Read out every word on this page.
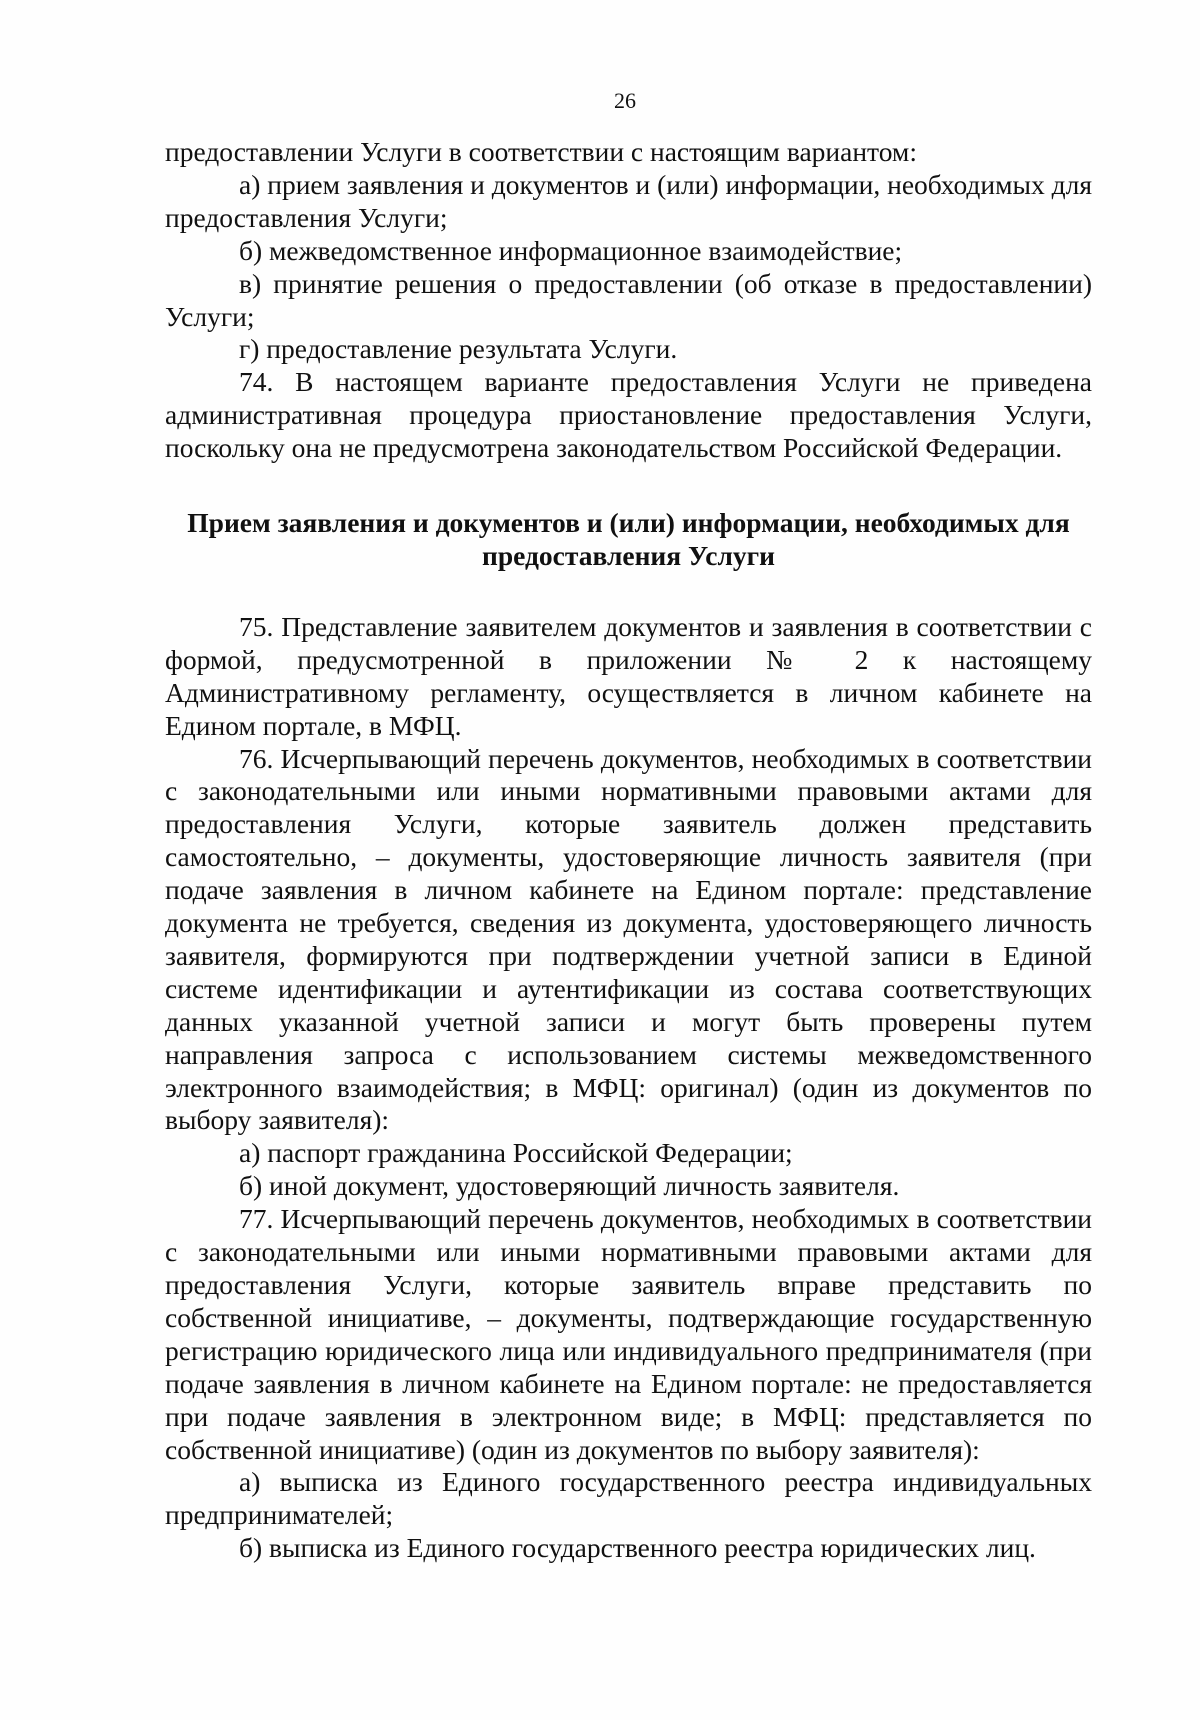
26

предоставлении Услуги в соответствии с настоящим вариантом:

а) прием заявления и документов и (или) информации, необходимых для предоставления Услуги;

б) межведомственное информационное взаимодействие;

в) принятие решения о предоставлении (об отказе в предоставлении) Услуги;

г) предоставление результата Услуги.

74. В настоящем варианте предоставления Услуги не приведена административная процедура приостановление предоставления Услуги, поскольку она не предусмотрена законодательством Российской Федерации.

Прием заявления и документов и (или) информации, необходимых для предоставления Услуги

75. Представление заявителем документов и заявления в соответствии с формой, предусмотренной в приложении № 2 к настоящему Административному регламенту, осуществляется в личном кабинете на Едином портале, в МФЦ.

76. Исчерпывающий перечень документов, необходимых в соответствии с законодательными или иными нормативными правовыми актами для предоставления Услуги, которые заявитель должен представить самостоятельно, – документы, удостоверяющие личность заявителя (при подаче заявления в личном кабинете на Едином портале: представление документа не требуется, сведения из документа, удостоверяющего личность заявителя, формируются при подтверждении учетной записи в Единой системе идентификации и аутентификации из состава соответствующих данных указанной учетной записи и могут быть проверены путем направления запроса с использованием системы межведомственного электронного взаимодействия; в МФЦ: оригинал) (один из документов по выбору заявителя):

а) паспорт гражданина Российской Федерации;

б) иной документ, удостоверяющий личность заявителя.

77. Исчерпывающий перечень документов, необходимых в соответствии с законодательными или иными нормативными правовыми актами для предоставления Услуги, которые заявитель вправе представить по собственной инициативе, – документы, подтверждающие государственную регистрацию юридического лица или индивидуального предпринимателя (при подаче заявления в личном кабинете на Едином портале: не предоставляется при подаче заявления в электронном виде; в МФЦ: представляется по собственной инициативе) (один из документов по выбору заявителя):

а) выписка из Единого государственного реестра индивидуальных предпринимателей;

б) выписка из Единого государственного реестра юридических лиц.
